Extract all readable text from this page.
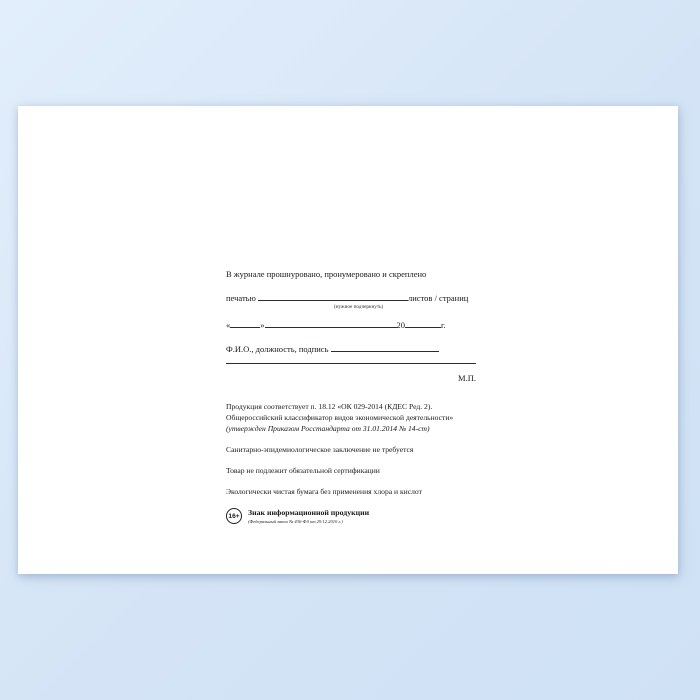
В журнале прошнуровано, пронумеровано и скреплено

печатью	листов / страниц

(нужное подчеркнуть)

«	»	20	г.

Ф.И.О., должность, подпись

М.П.

Продукция соответствует п. 18.12 «ОК 029-2014 (КДЕС Ред. 2).

Общероссийский классификатор видов экономической деятельности»

(утвержден Приказом Росстандарта от 31.01.2014 № 14-ст)

Санитарно-эпидемиологическое заключение не требуется

Товар не подлежит обязательной сертификации

Экологически чистая бумага без применения хлора и кислот

16+	Знак информационной продукции
(Федеральный закон № 436-ФЗ от 29.12.2010 г.)
